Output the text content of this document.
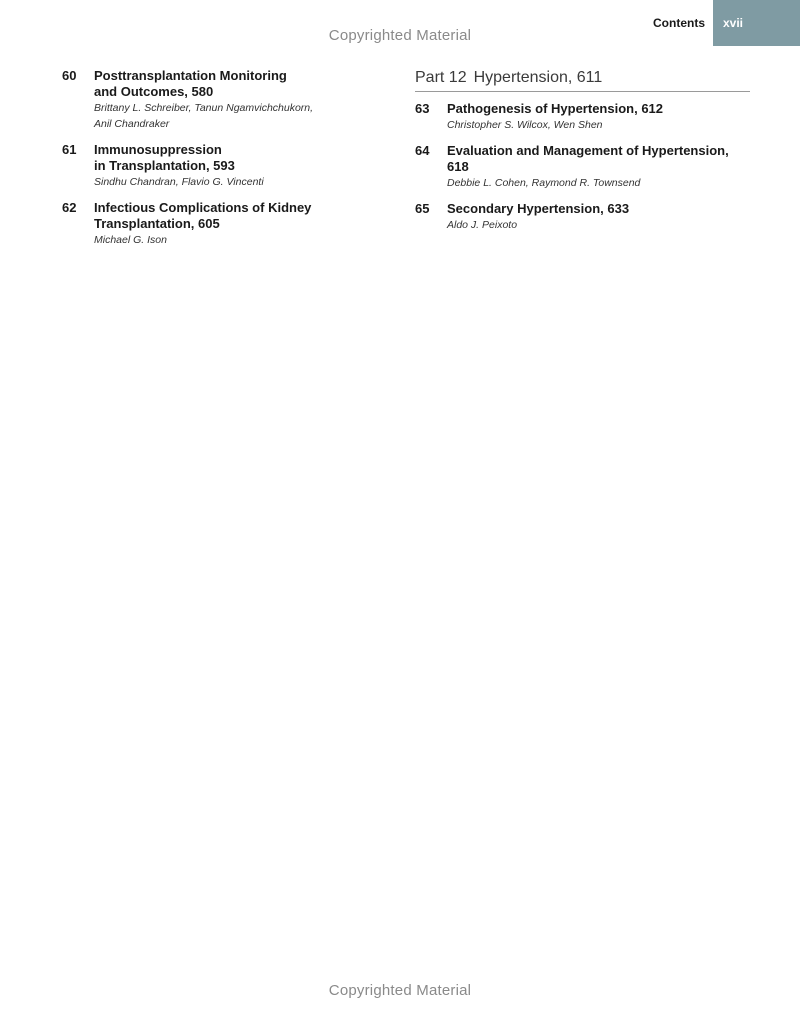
Copyrighted Material
Contents	xvii
60	Posttransplantation Monitoring
and Outcomes, 580
Brittany L. Schreiber, Tanun Ngamvichchukorn,
Anil Chandraker
61	Immunosuppression
in Transplantation, 593
Sindhu Chandran, Flavio G. Vincenti
62	Infectious Complications of Kidney
Transplantation, 605
Michael G. Ison
Part 12 Hypertension, 611
63	Pathogenesis of Hypertension, 612
Christopher S. Wilcox, Wen Shen
64	Evaluation and Management of Hypertension, 618
Debbie L. Cohen, Raymond R. Townsend
65	Secondary Hypertension, 633
Aldo J. Peixoto
Copyrighted Material
